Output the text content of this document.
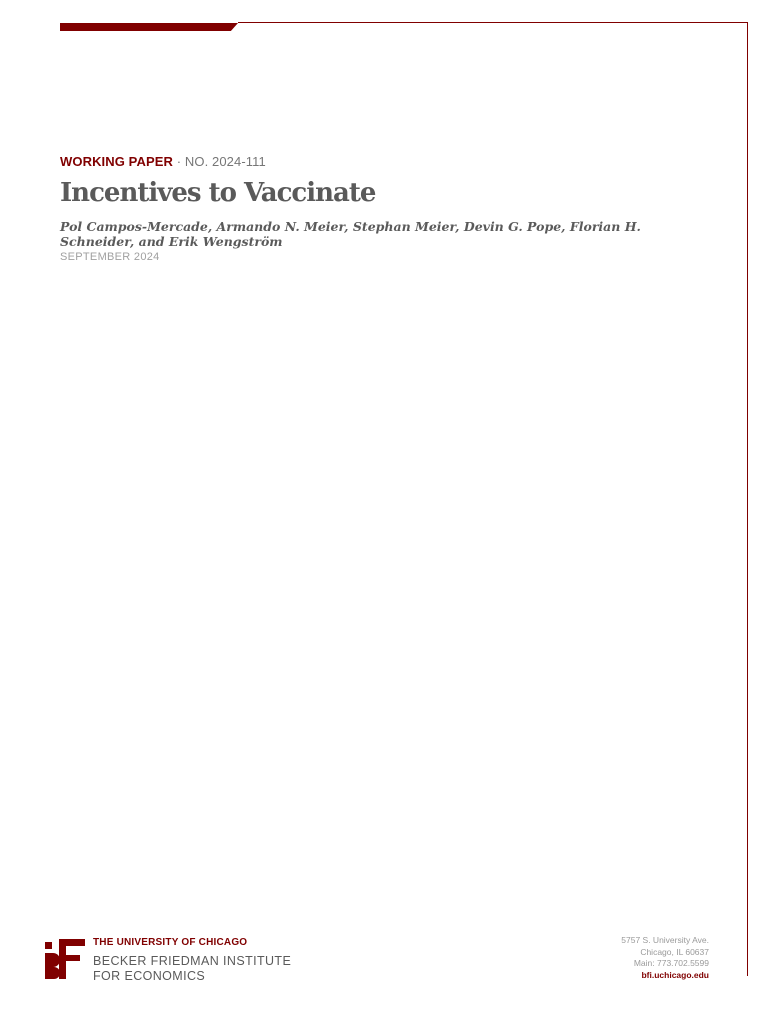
WORKING PAPER · NO. 2024-111
Incentives to Vaccinate
Pol Campos-Mercade, Armando N. Meier, Stephan Meier, Devin G. Pope, Florian H. Schneider, and Erik Wengström
SEPTEMBER 2024
THE UNIVERSITY OF CHICAGO
BECKER FRIEDMAN INSTITUTE
FOR ECONOMICS
5757 S. University Ave.
Chicago, IL 60637
Main: 773.702.5599
bfi.uchicago.edu
